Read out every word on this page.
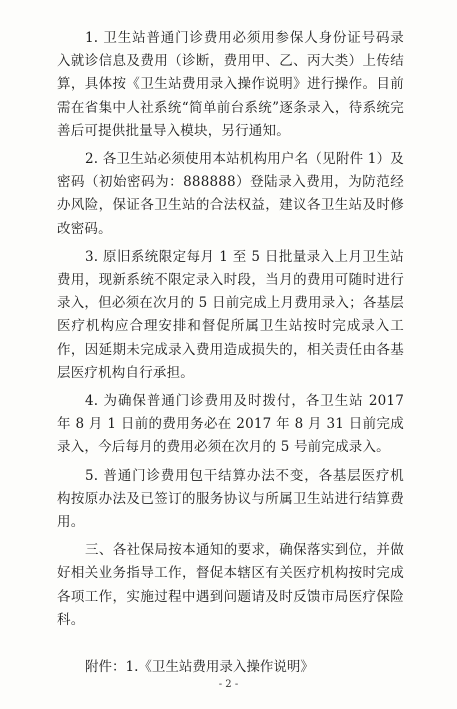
1. 卫生站普通门诊费用必须用参保人身份证号码录入就诊信息及费用（诊断，费用甲、乙、丙大类）上传结算，具体按《卫生站费用录入操作说明》进行操作。目前需在省集中人社系统“简单前台系统”逐条录入，待系统完善后可提供批量导入模块，另行通知。

2. 各卫生站必须使用本站机构用户名（见附件 1）及密码（初始密码为：888888）登陆录入费用，为防范经办风险，保证各卫生站的合法权益，建议各卫生站及时修改密码。

3. 原旧系统限定每月 1 至 5 日批量录入上月卫生站费用，现新系统不限定录入时段，当月的费用可随时进行录入，但必须在次月的 5 日前完成上月费用录入；各基层医疗机构应合理安排和督促所属卫生站按时完成录入工作，因延期未完成录入费用造成损失的，相关责任由各基层医疗机构自行承担。

4. 为确保普通门诊费用及时拨付，各卫生站 2017 年 8 月 1 日前的费用务必在 2017 年 8 月 31 日前完成录入，今后每月的费用必须在次月的 5 号前完成录入。

5. 普通门诊费用包干结算办法不变，各基层医疗机构按原办法及已签订的服务协议与所属卫生站进行结算费用。

三、各社保局按本通知的要求，确保落实到位，并做好相关业务指导工作，督促本辖区有关医疗机构按时完成各项工作，实施过程中遇到问题请及时反馈市局医疗保险科。

附件：1.《卫生站费用录入操作说明》
- 2 -
